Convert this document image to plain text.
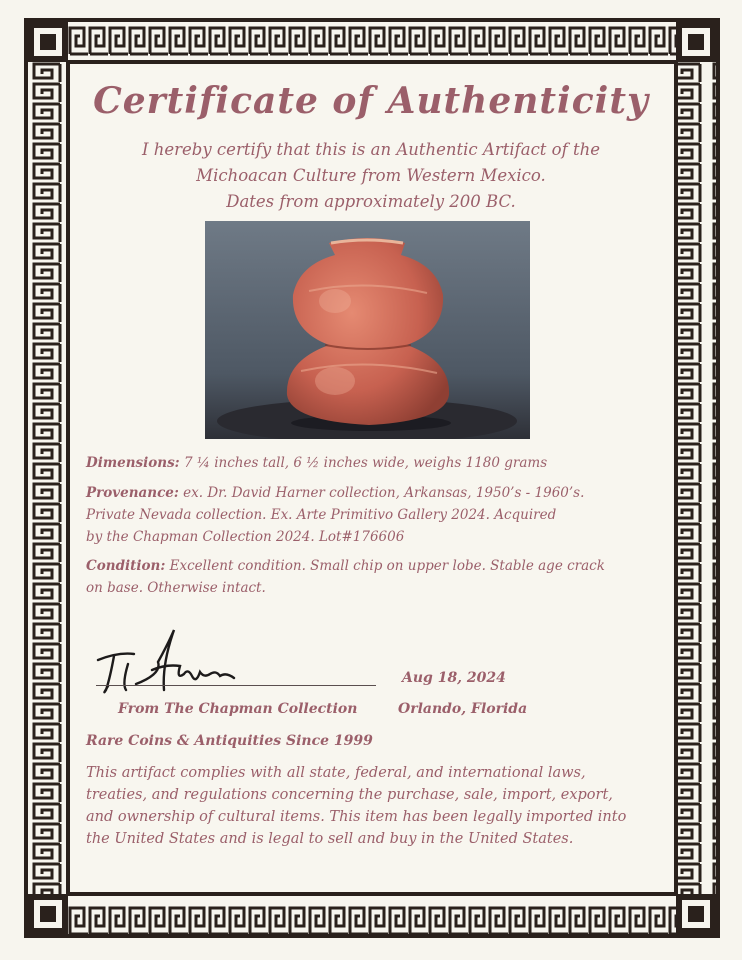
Certificate of Authenticity

I hereby certify that this is an Authentic Artifact of the

Michoacan Culture from Western Mexico.

Dates from approximately 200 BC.

Dimensions: 7 ¼ inches tall, 6 ½ inches wide, weighs 1180 grams

Provenance: ex. Dr. David Harner collection, Arkansas, 1950’s - 1960’s.
Private Nevada collection. Ex. Arte Primitivo Gallery 2024. Acquired
by the Chapman Collection 2024. Lot#176606

Condition: Excellent condition. Small chip on upper lobe. Stable age crack
on base. Otherwise intact.

Aug 18, 2024

From The Chapman Collection	Orlando, Florida

Rare Coins & Antiquities Since 1999

This artifact complies with all state, federal, and international laws,
treaties, and regulations concerning the purchase, sale, import, export,
and ownership of cultural items. This item has been legally imported into
the United States and is legal to sell and buy in the United States.
